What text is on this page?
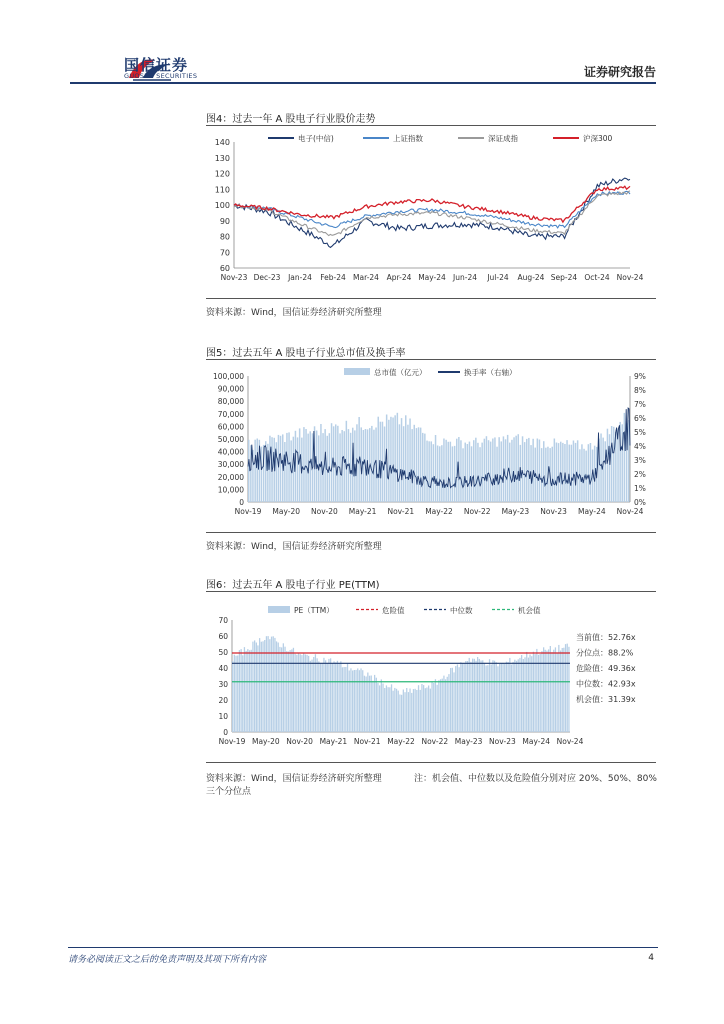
国信证券
GUOSEN SECURITIES	证券研究报告
图4：过去一年 A 股电子行业股价走势
60
70
80
90
100
110
120
130
140
Nov-23 Dec-23 Jan-24 Feb-24 Mar-24 Apr-24 May-24 Jun-24 Jul-24 Aug-24 Sep-24 Oct-24 Nov-24
电子(中信)	上证指数	深证成指	沪深300
资料来源：Wind，国信证券经济研究所整理
图5：过去五年 A 股电子行业总市值及换手率
0
10,000
20,000
30,000
40,000
50,000
60,000
70,000
80,000
90,000
100,000
0%
1%
2%
3%
4%
5%
6%
7%
8%
9%
Nov-19 May-20 Nov-20 May-21 Nov-21 May-22 Nov-22 May-23 Nov-23 May-24 Nov-24
总市值（亿元）	换手率（右轴）
资料来源：Wind，国信证券经济研究所整理
图6：过去五年 A 股电子行业 PE(TTM)
0
10
20
30
40
50
60
70
Nov-19 May-20 Nov-20 May-21 Nov-21 May-22 Nov-22 May-23 Nov-23 May-24 Nov-24
PE（TTM）	危险值	中位数	机会值
当前值：52.76x
分位点：88.2%
危险值：49.36x
中位数：42.93x
机会值：31.39x
资料来源：Wind，国信证券经济研究所整理	注：机会值、中位数以及危险值分别对应 20%、50%、80%
三个分位点
请务必阅读正文之后的免责声明及其项下所有内容	4
